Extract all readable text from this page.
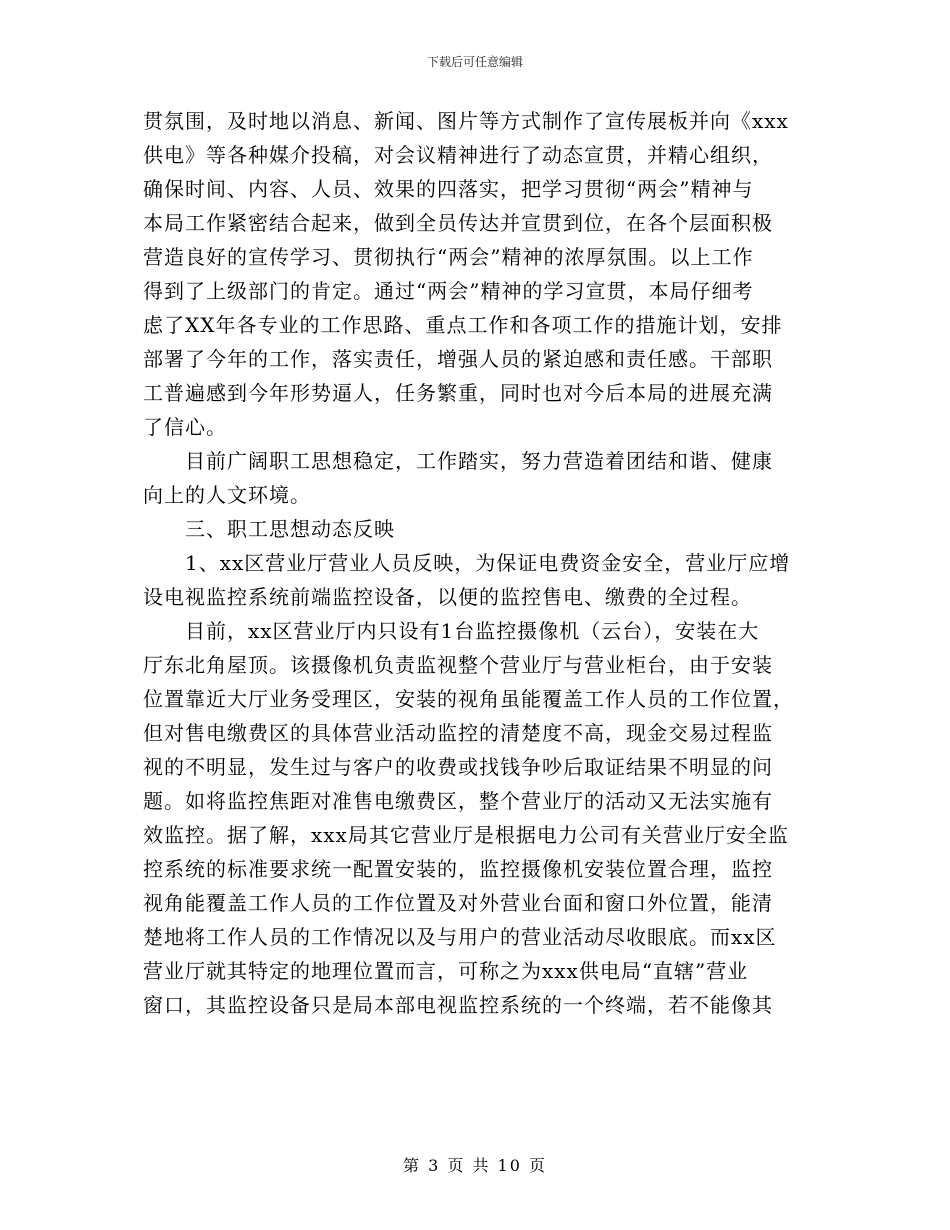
下载后可任意编辑
贯氛围，及时地以消息、新闻、图片等方式制作了宣传展板并向《xxx
供电》等各种媒介投稿，对会议精神进行了动态宣贯，并精心组织，
确保时间、内容、人员、效果的四落实，把学习贯彻“两会”精神与
本局工作紧密结合起来，做到全员传达并宣贯到位，在各个层面积极
营造良好的宣传学习、贯彻执行“两会”精神的浓厚氛围。以上工作
得到了上级部门的肯定。通过“两会”精神的学习宣贯，本局仔细考
虑了XX年各专业的工作思路、重点工作和各项工作的措施计划，安排
部署了今年的工作，落实责任，增强人员的紧迫感和责任感。干部职
工普遍感到今年形势逼人，任务繁重，同时也对今后本局的进展充满
了信心。
目前广阔职工思想稳定，工作踏实，努力营造着团结和谐、健康
向上的人文环境。
三、职工思想动态反映
1、xx区营业厅营业人员反映，为保证电费资金安全，营业厅应增
设电视监控系统前端监控设备，以便的监控售电、缴费的全过程。
目前，xx区营业厅内只设有1台监控摄像机（云台），安装在大
厅东北角屋顶。该摄像机负责监视整个营业厅与营业柜台，由于安装
位置靠近大厅业务受理区，安装的视角虽能覆盖工作人员的工作位置，
但对售电缴费区的具体营业活动监控的清楚度不高，现金交易过程监
视的不明显，发生过与客户的收费或找钱争吵后取证结果不明显的问
题。如将监控焦距对准售电缴费区，整个营业厅的活动又无法实施有
效监控。据了解，xxx局其它营业厅是根据电力公司有关营业厅安全监
控系统的标准要求统一配置安装的，监控摄像机安装位置合理，监控
视角能覆盖工作人员的工作位置及对外营业台面和窗口外位置，能清
楚地将工作人员的工作情况以及与用户的营业活动尽收眼底。而xx区
营业厅就其特定的地理位置而言，可称之为xxx供电局“直辖”营业
窗口，其监控设备只是局本部电视监控系统的一个终端，若不能像其
第 3 页 共 10 页
